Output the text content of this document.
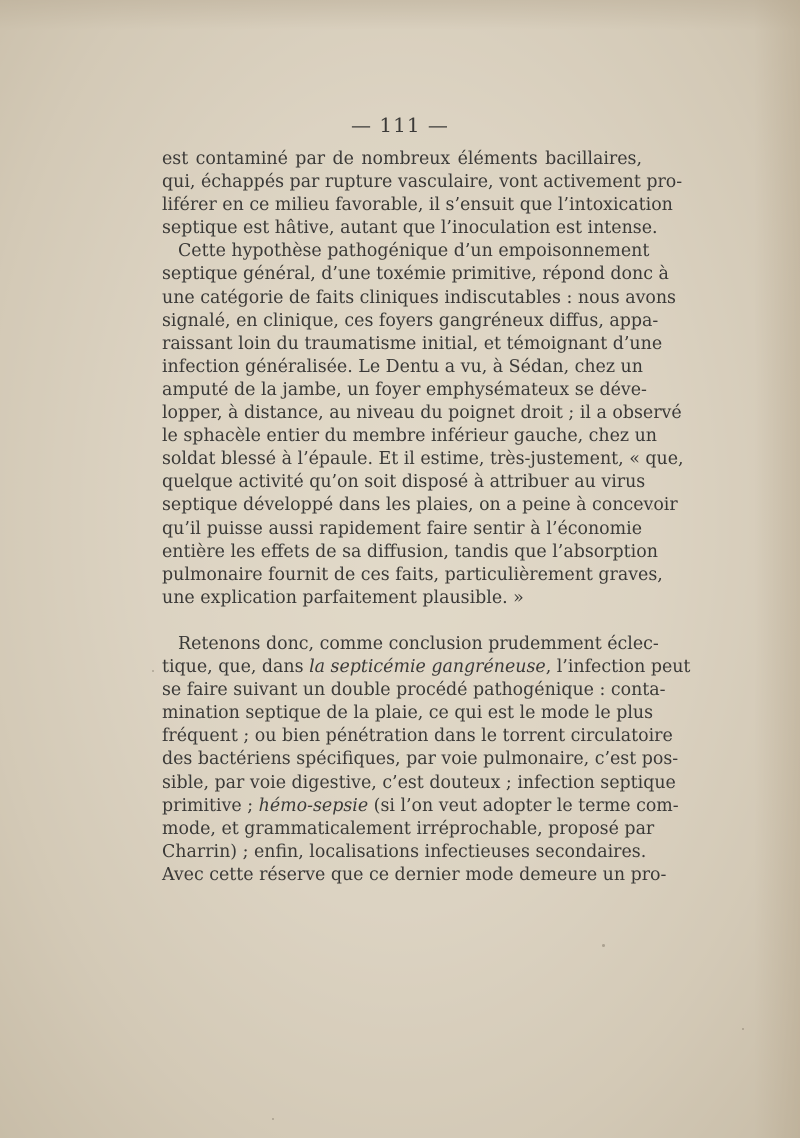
— 111 —
est contaminé par de nombreux éléments bacillaires,
qui, échappés par rupture vasculaire, vont activement pro-
liférer en ce milieu favorable, il s’ensuit que l’intoxication
septique est hâtive, autant que l’inoculation est intense.
Cette hypothèse pathogénique d’un empoisonnement
septique général, d’une toxémie primitive, répond donc à
une catégorie de faits cliniques indiscutables : nous avons
signalé, en clinique, ces foyers gangréneux diffus, appa-
raissant loin du traumatisme initial, et témoignant d’une
infection généralisée. Le Dentu a vu, à Sédan, chez un
amputé de la jambe, un foyer emphysémateux se déve-
lopper, à distance, au niveau du poignet droit ; il a observé
le sphacèle entier du membre inférieur gauche, chez un
soldat blessé à l’épaule. Et il estime, très-justement, « que,
quelque activité qu’on soit disposé à attribuer au virus
septique développé dans les plaies, on a peine à concevoir
qu’il puisse aussi rapidement faire sentir à l’économie
entière les effets de sa diffusion, tandis que l’absorption
pulmonaire fournit de ces faits, particulièrement graves,
une explication parfaitement plausible. »
Retenons donc, comme conclusion prudemment éclec-
tique, que, dans la septicémie gangréneuse, l’infection peut
se faire suivant un double procédé pathogénique : conta-
mination septique de la plaie, ce qui est le mode le plus
fréquent ; ou bien pénétration dans le torrent circulatoire
des bactériens spécifiques, par voie pulmonaire, c’est pos-
sible, par voie digestive, c’est douteux ; infection septique
primitive ; hémo-sepsie (si l’on veut adopter le terme com-
mode, et grammaticalement irréprochable, proposé par
Charrin) ; enfin, localisations infectieuses secondaires.
Avec cette réserve que ce dernier mode demeure un pro-
